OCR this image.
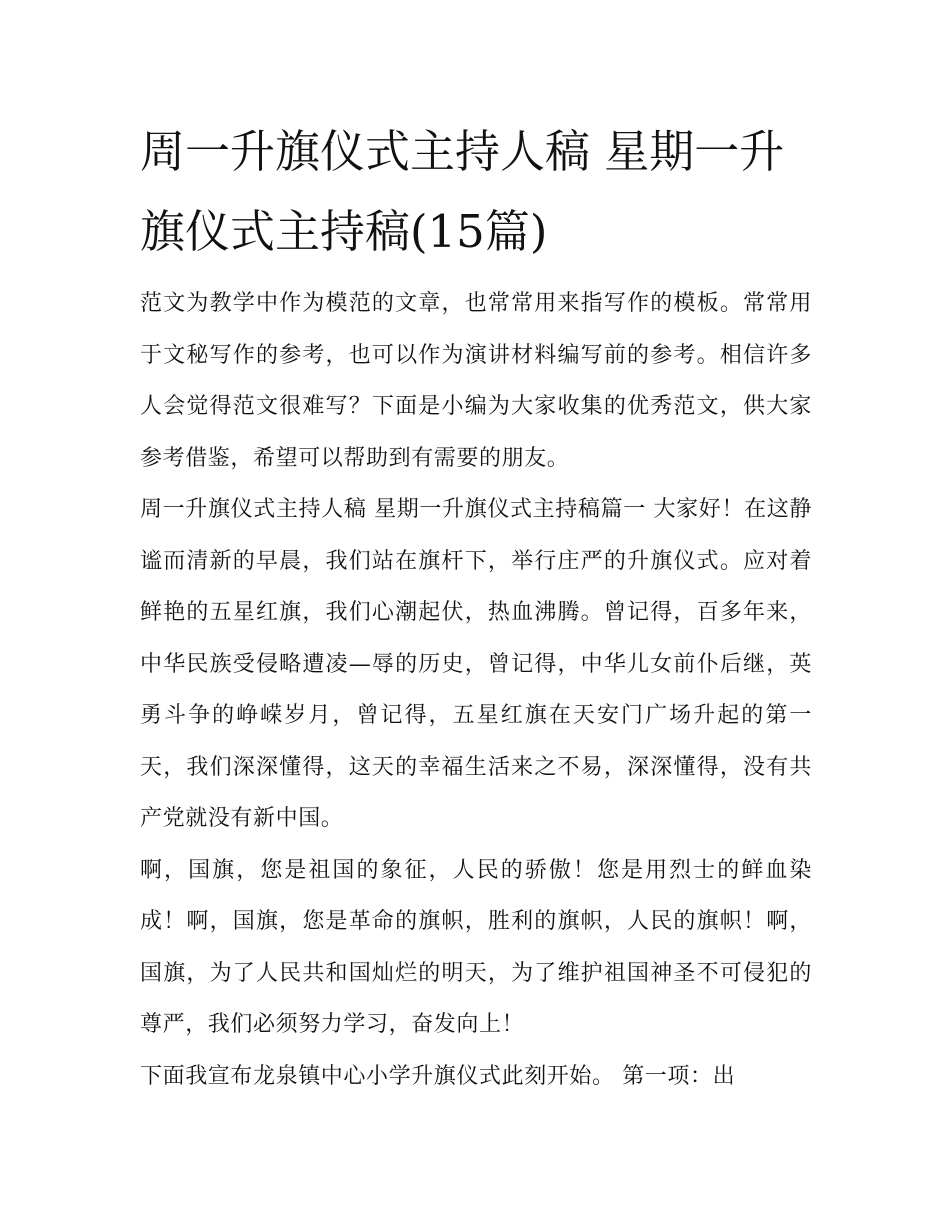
周一升旗仪式主持人稿 星期一升旗仪式主持稿(15篇)

范文为教学中作为模范的文章，也常常用来指写作的模板。常常用于文秘写作的参考，也可以作为演讲材料编写前的参考。相信许多人会觉得范文很难写？下面是小编为大家收集的优秀范文，供大家参考借鉴，希望可以帮助到有需要的朋友。

周一升旗仪式主持人稿 星期一升旗仪式主持稿篇一 大家好！在这静谧而清新的早晨，我们站在旗杆下，举行庄严的升旗仪式。应对着鲜艳的五星红旗，我们心潮起伏，热血沸腾。曾记得，百多年来，中华民族受侵略遭凌—辱的历史，曾记得，中华儿女前仆后继，英勇斗争的峥嵘岁月，曾记得，五星红旗在天安门广场升起的第一天，我们深深懂得，这天的幸福生活来之不易，深深懂得，没有共产党就没有新中国。

啊，国旗，您是祖国的象征，人民的骄傲！您是用烈士的鲜血染成！啊，国旗，您是革命的旗帜，胜利的旗帜，人民的旗帜！啊，国旗，为了人民共和国灿烂的明天，为了维护祖国神圣不可侵犯的尊严，我们必须努力学习，奋发向上！

下面我宣布龙泉镇中心小学升旗仪式此刻开始。 第一项：出
